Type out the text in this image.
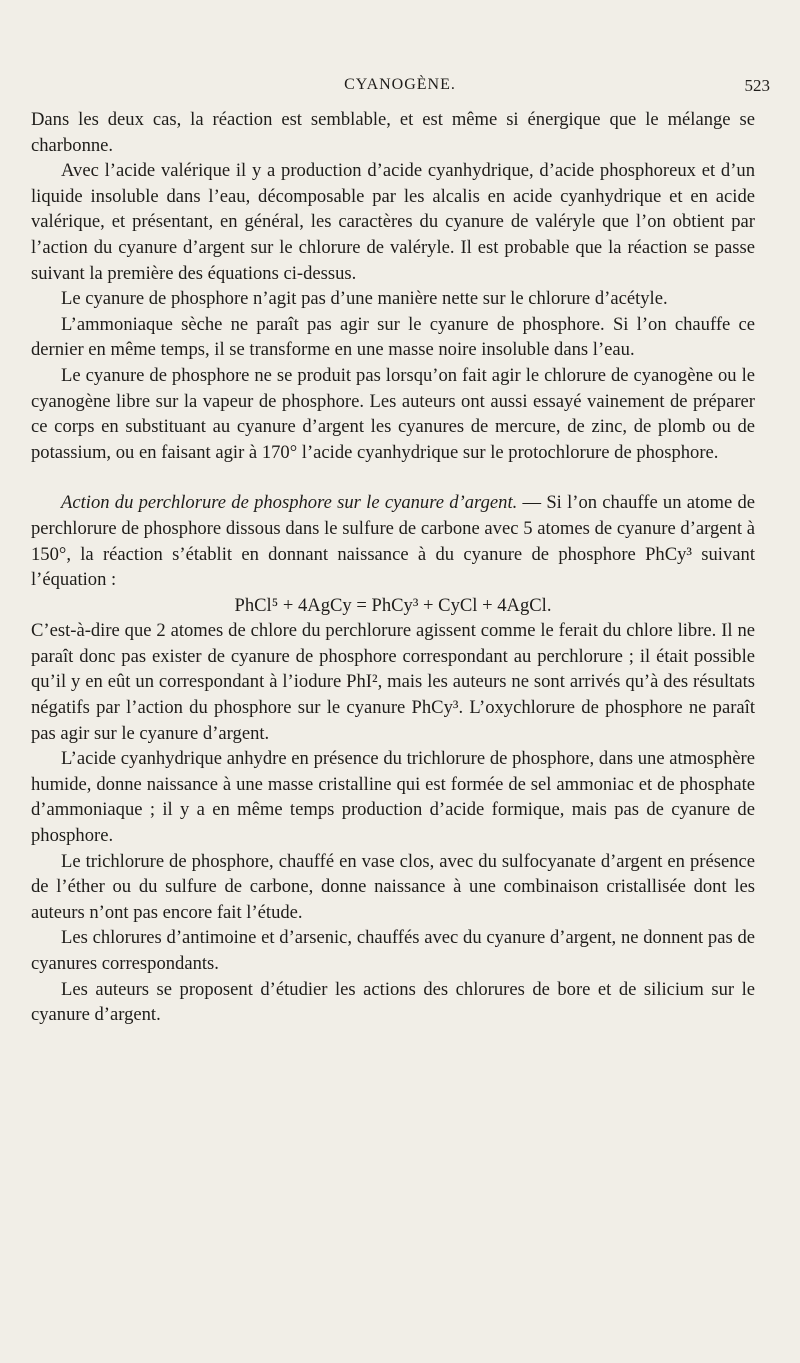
CYANOGÈNE.	523

Dans les deux cas, la réaction est semblable, et est même si énergique que le mélange se charbonne.

Avec l’acide valérique il y a production d’acide cyanhydrique, d’acide phosphoreux et d’un liquide insoluble dans l’eau, décomposable par les alcalis en acide cyanhydrique et en acide valérique, et présentant, en général, les caractères du cyanure de valéryle que l’on obtient par l’action du cyanure d’argent sur le chlorure de valéryle. Il est probable que la réaction se passe suivant la première des équations ci-dessus.

Le cyanure de phosphore n’agit pas d’une manière nette sur le chlorure d’acétyle.

L’ammoniaque sèche ne paraît pas agir sur le cyanure de phosphore. Si l’on chauffe ce dernier en même temps, il se transforme en une masse noire insoluble dans l’eau.

Le cyanure de phosphore ne se produit pas lorsqu’on fait agir le chlorure de cyanogène ou le cyanogène libre sur la vapeur de phosphore. Les auteurs ont aussi essayé vainement de préparer ce corps en substituant au cyanure d’argent les cyanures de mercure, de zinc, de plomb ou de potassium, ou en faisant agir à 170° l’acide cyanhydrique sur le protochlorure de phosphore.

Action du perchlorure de phosphore sur le cyanure d’argent. — Si l’on chauffe un atome de perchlorure de phosphore dissous dans le sulfure de carbone avec 5 atomes de cyanure d’argent à 150°, la réaction s’établit en donnant naissance à du cyanure de phosphore PhCy³ suivant l’équation :

PhCl⁵ + 4AgCy = PhCy³ + CyCl + 4AgCl.

C’est-à-dire que 2 atomes de chlore du perchlorure agissent comme le ferait du chlore libre. Il ne paraît donc pas exister de cyanure de phosphore correspondant au perchlorure ; il était possible qu’il y en eût un correspondant à l’iodure PhI², mais les auteurs ne sont arrivés qu’à des résultats négatifs par l’action du phosphore sur le cyanure PhCy³. L’oxychlorure de phosphore ne paraît pas agir sur le cyanure d’argent.

L’acide cyanhydrique anhydre en présence du trichlorure de phosphore, dans une atmosphère humide, donne naissance à une masse cristalline qui est formée de sel ammoniac et de phosphate d’ammoniaque ; il y a en même temps production d’acide formique, mais pas de cyanure de phosphore.

Le trichlorure de phosphore, chauffé en vase clos, avec du sulfocyanate d’argent en présence de l’éther ou du sulfure de carbone, donne naissance à une combinaison cristallisée dont les auteurs n’ont pas encore fait l’étude.

Les chlorures d’antimoine et d’arsenic, chauffés avec du cyanure d’argent, ne donnent pas de cyanures correspondants.

Les auteurs se proposent d’étudier les actions des chlorures de bore et de silicium sur le cyanure d’argent.
